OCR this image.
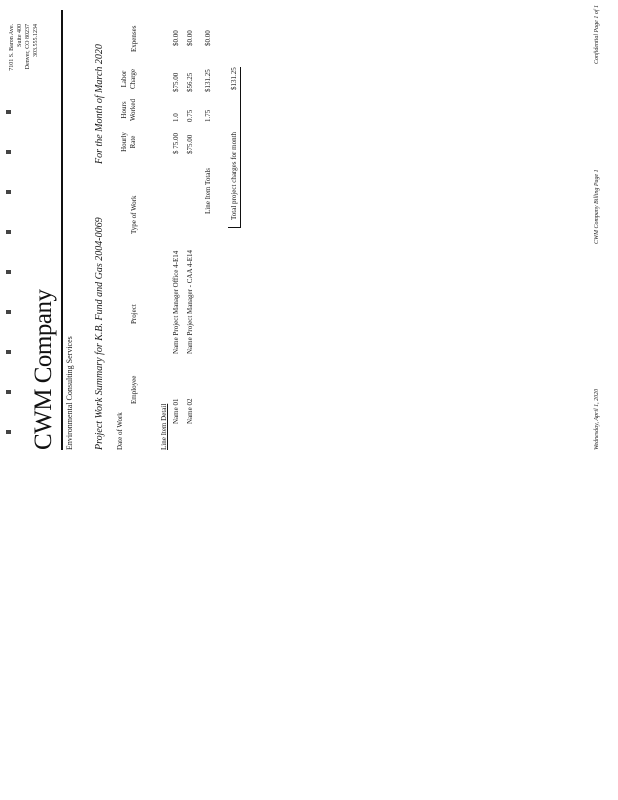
CWM Company Environmental Consulting Services
7101 S. Baron Ave. Suite 400 Denver, CO 80237 303.555.1234
Project Work Summary for K.B. Fund and Gas 2004-0069
For the Month of March 2020
Date of Work
Employee
Project
Type of Work
Hourly Rate
Hours Worked
Labor Charge
Expenses
Line Item Detail Name 01
Name Project Manager Office 4-E14
$ 75.00
1.0
$75.00
$0.00
Name 02
Name Project Manager - CAA 4-E14
$75.00
0.75
$56.25
$0.00
Line Item Totals
1.75
$131.25
$0.00
Total project charges for month
$131.25
Wednesday, April 1, 2020
CWM Company Billing Page 1
Confidential Page 1 of 1
